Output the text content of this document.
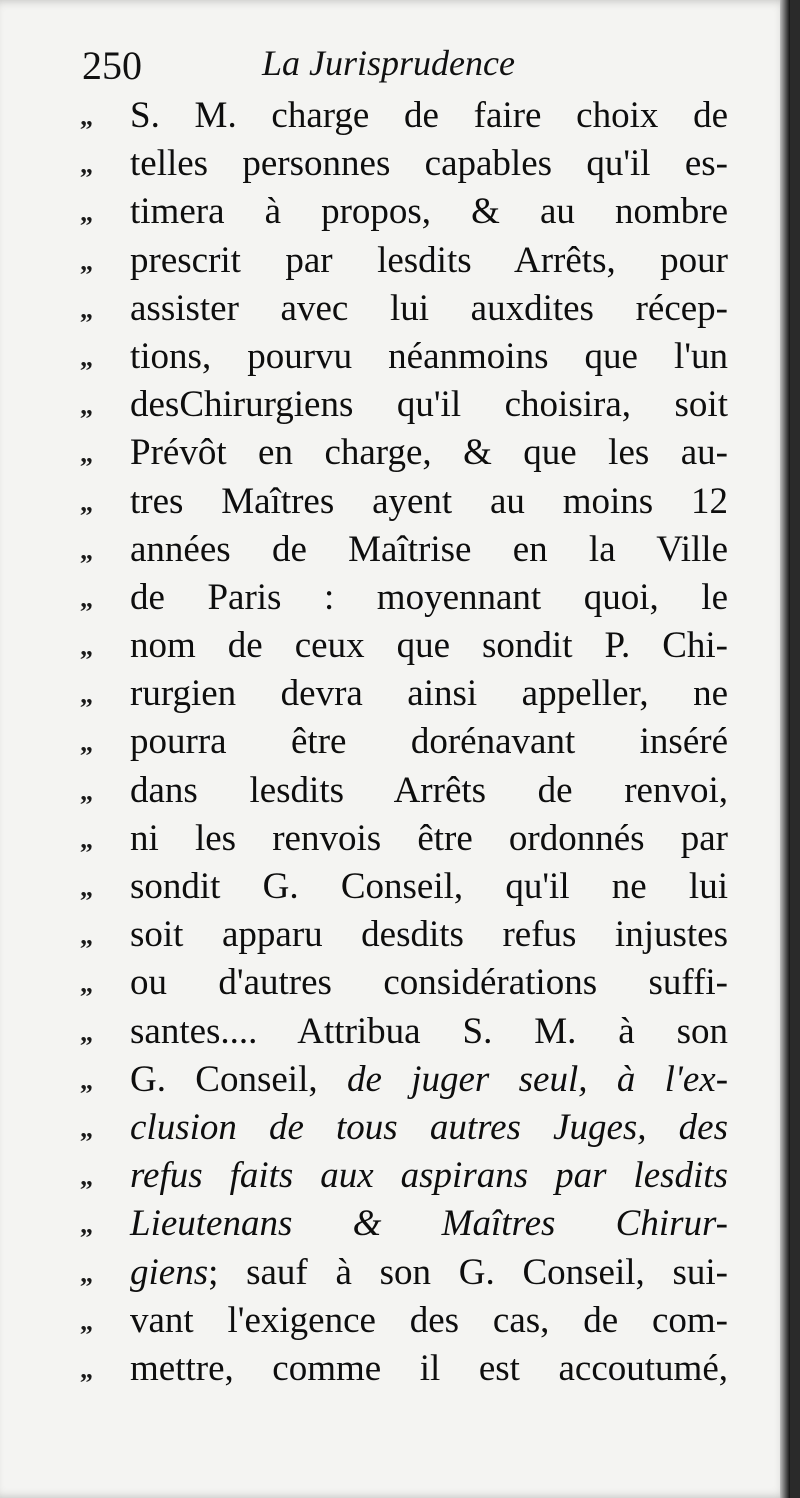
250	La Jurisprudence
„ S. M. charge de faire choix de
„ telles personnes capables qu'il es-
„ timera à propos, & au nombre
„ prescrit par lesdits Arrêts, pour
„ assister avec lui auxdites récep-
„ tions, pourvu néanmoins que l'un
„ desChirurgiens qu'il choisira, soit
„ Prévôt en charge, & que les au-
„ tres Maîtres ayent au moins 12
„ années de Maîtrise en la Ville
„ de Paris : moyennant quoi, le
„ nom de ceux que sondit P. Chi-
„ rurgien devra ainsi appeller, ne
„ pourra être dorénavant inséré
„ dans lesdits Arrêts de renvoi,
„ ni les renvois être ordonnés par
„ sondit G. Conseil, qu'il ne lui
„ soit apparu desdits refus injustes
„ ou d'autres considérations suffi-
„ santes.... Attribua S. M. à son
„ G. Conseil, de juger seul, à l'ex-
„ clusion de tous autres Juges, des
„ refus faits aux aspirans par lesdits
„ Lieutenans & Maîtres Chirur-
„ giens; sauf à son G. Conseil, sui-
„ vant l'exigence des cas, de com-
„ mettre, comme il est accoutumé,
